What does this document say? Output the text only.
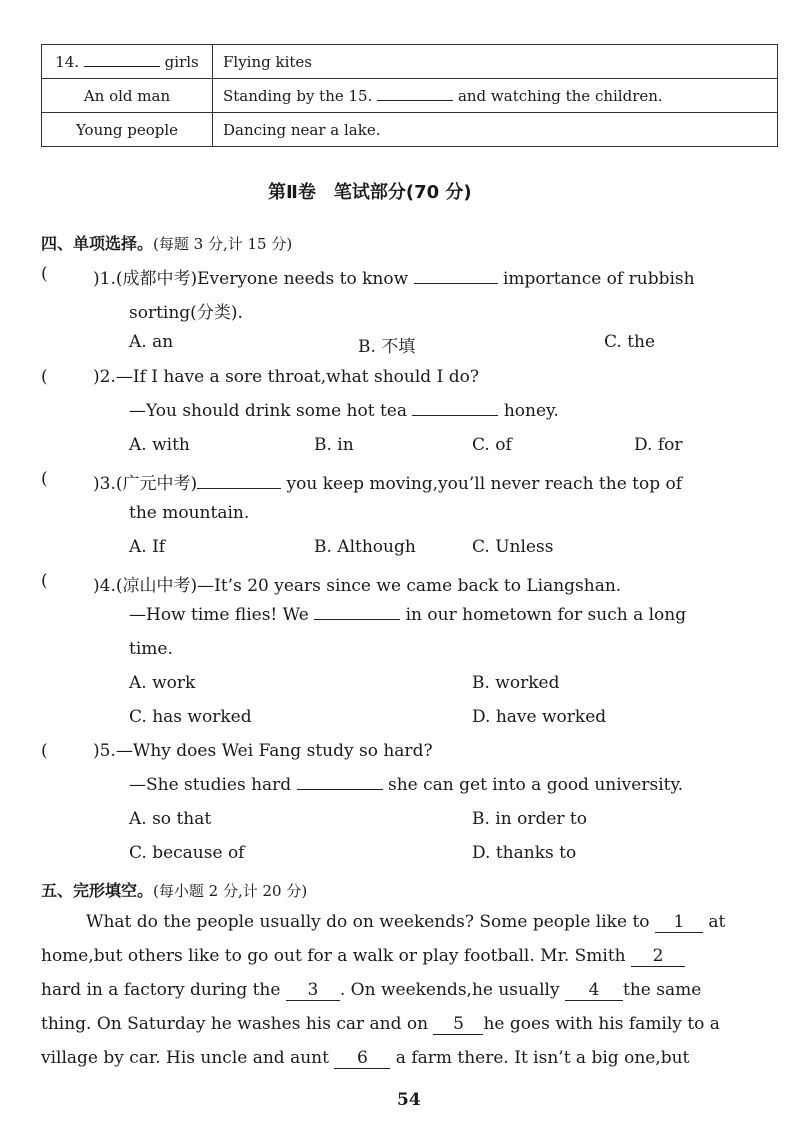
14. girls	Flying kites
An old man	Standing by the 15. and watching the children.
Young people	Dancing near a lake.
第Ⅱ卷　笔试部分(70 分)
四、单项选择。(每题 3 分,计 15 分)
(	)1.(成都中考)Everyone needs to know	importance of rubbish
sorting(分类).
A. an	B. 不填	C. the
(	)2.—If I have a sore throat,what should I do?
—You should drink some hot tea	honey.
A. with	B. in	C. of	D. for
(	)3.(广元中考)	you keep moving,you’ll never reach the top of
the mountain.
A. If	B. Although	C. Unless
(	)4.(凉山中考)—It’s 20 years since we came back to Liangshan.
—How time flies! We	in our hometown for such a long
time.
A. work	B. worked
C. has worked	D. have worked
(	)5.—Why does Wei Fang study so hard?
—She studies hard	she can get into a good university.
A. so that	B. in order to
C. because of	D. thanks to
五、完形填空。(每小题 2 分,计 20 分)
What do the people usually do on weekends? Some people like to 1 at
home,but others like to go out for a walk or play football. Mr. Smith 2
hard in a factory during the 3 . On weekends,he usually 4 the same
thing. On Saturday he washes his car and on 5 he goes with his family to a
village by car. His uncle and aunt 6 a farm there. It isn’t a big one,but
54
